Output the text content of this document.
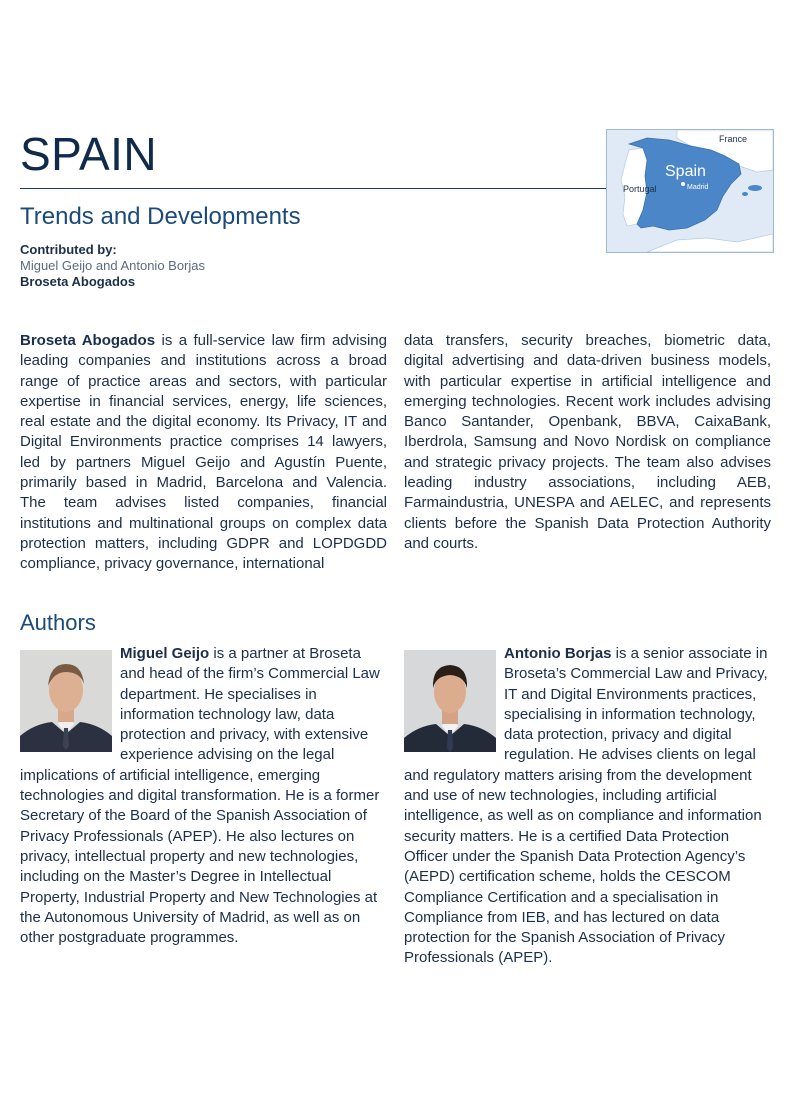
SPAIN
Trends and Developments
Contributed by:
Miguel Geijo and Antonio Borjas
Broseta Abogados
France
Spain
Portugal	Madrid
Broseta Abogados is a full-service law firm advising leading companies and institutions across a broad range of practice areas and sectors, with particular expertise in financial services, energy, life sciences, real estate and the digital economy. Its Privacy, IT and Digital Environments practice comprises 14 lawyers, led by partners Miguel Geijo and Agustín Puente, primarily based in Madrid, Barcelona and Valencia. The team advises listed companies, financial institutions and multinational groups on complex data protection matters, including GDPR and LOPDGDD compliance, privacy governance, international
data transfers, security breaches, biometric data, digital advertising and data-driven business models, with particular expertise in artificial intelligence and emerging technologies. Recent work includes advising Banco Santander, Openbank, BBVA, CaixaBank, Iberdrola, Samsung and Novo Nordisk on compliance and strategic privacy projects. The team also advises leading industry associations, including AEB, Farmaindustria, UNESPA and AELEC, and represents clients before the Spanish Data Protection Authority and courts.
Authors
Miguel Geijo is a partner at Broseta and head of the firm’s Commercial Law department. He specialises in information technology law, data protection and privacy, with extensive experience advising on the legal implications of artificial intelligence, emerging technologies and digital transformation. He is a former Secretary of the Board of the Spanish Association of Privacy Professionals (APEP). He also lectures on privacy, intellectual property and new technologies, including on the Master’s Degree in Intellectual Property, Industrial Property and New Technologies at the Autonomous University of Madrid, as well as on other postgraduate programmes.
Antonio Borjas is a senior associate in Broseta’s Commercial Law and Privacy, IT and Digital Environments practices, specialising in information technology, data protection, privacy and digital regulation. He advises clients on legal and regulatory matters arising from the development and use of new technologies, including artificial intelligence, as well as on compliance and information security matters. He is a certified Data Protection Officer under the Spanish Data Protection Agency’s (AEPD) certification scheme, holds the CESCOM Compliance Certification and a specialisation in Compliance from IEB, and has lectured on data protection for the Spanish Association of Privacy Professionals (APEP).
